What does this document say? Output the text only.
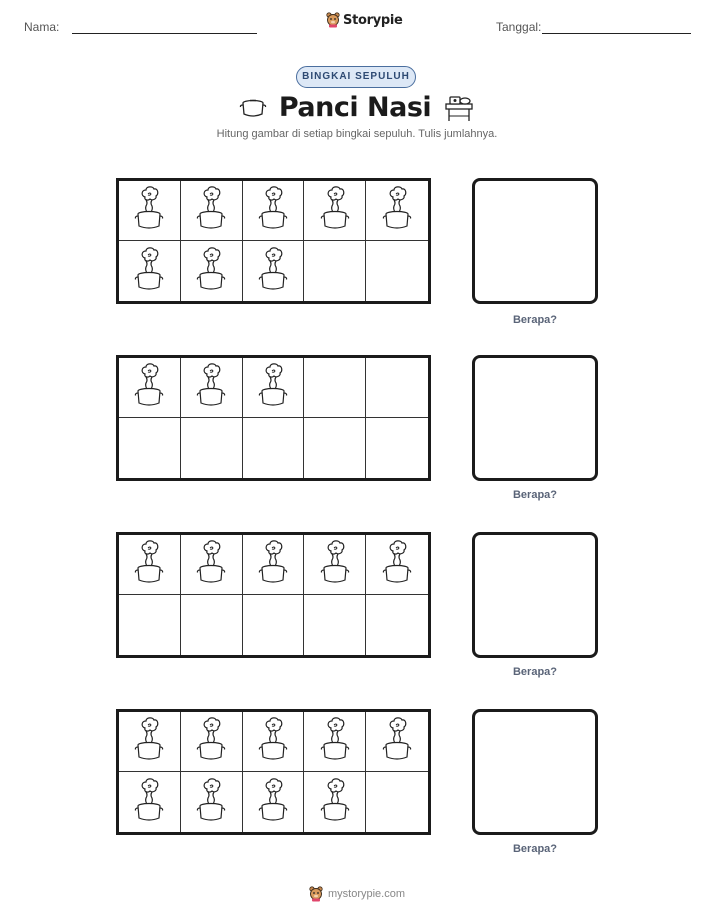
Nama:	Storypie	Tanggal:
BINGKAI SEPULUH
Panci Nasi
Hitung gambar di setiap bingkai sepuluh. Tulis jumlahnya.
Berapa?
Berapa?
Berapa?
Berapa?
mystorypie.com
